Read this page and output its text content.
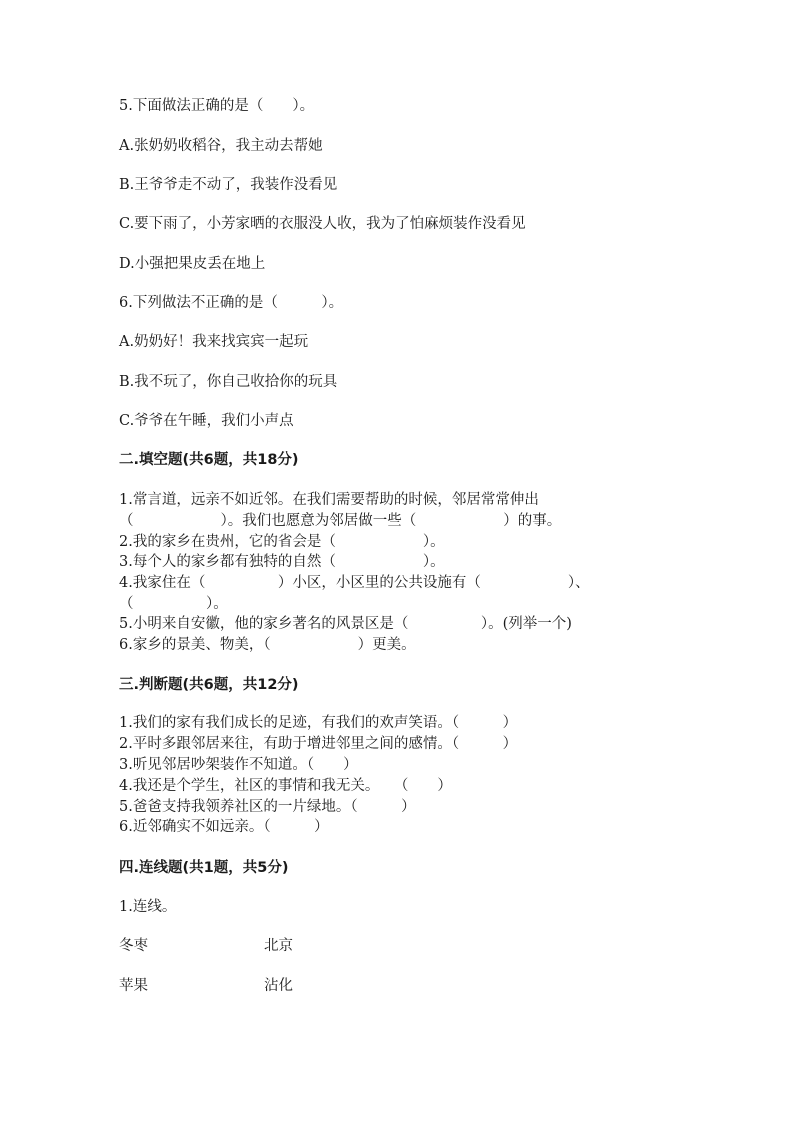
5.下面做法正确的是（　　）。
A.张奶奶收稻谷，我主动去帮她
B.王爷爷走不动了，我装作没看见
C.要下雨了，小芳家晒的衣服没人收，我为了怕麻烦装作没看见
D.小强把果皮丢在地上
6.下列做法不正确的是（　　　）。
A.奶奶好！我来找宾宾一起玩
B.我不玩了，你自己收拾你的玩具
C.爷爷在午睡，我们小声点
二.填空题(共6题，共18分)
1.常言道，远亲不如近邻。在我们需要帮助的时候，邻居常常伸出
（　　　　　　）。我们也愿意为邻居做一些（　　　　　　）的事。
2.我的家乡在贵州，它的省会是（　　　　　　）。
3.每个人的家乡都有独特的自然（　　　　　　）。
4.我家住在（　　　　　）小区，小区里的公共设施有（　　　　　　）、
（　　　　　）。
5.小明来自安徽，他的家乡著名的风景区是（　　　　　）。(列举一个)
6.家乡的景美、物美，（　　　　　　）更美。
三.判断题(共6题，共12分)
1.我们的家有我们成长的足迹，有我们的欢声笑语。（　　　）
2.平时多跟邻居来往，有助于增进邻里之间的感情。（　　　）
3.听见邻居吵架装作不知道。（　　）
4.我还是个学生，社区的事情和我无关。　　（　　）
5.爸爸支持我领养社区的一片绿地。（　　　）
6.近邻确实不如远亲。（　　　）
四.连线题(共1题，共5分)
1.连线。
冬枣	北京
苹果	沾化
